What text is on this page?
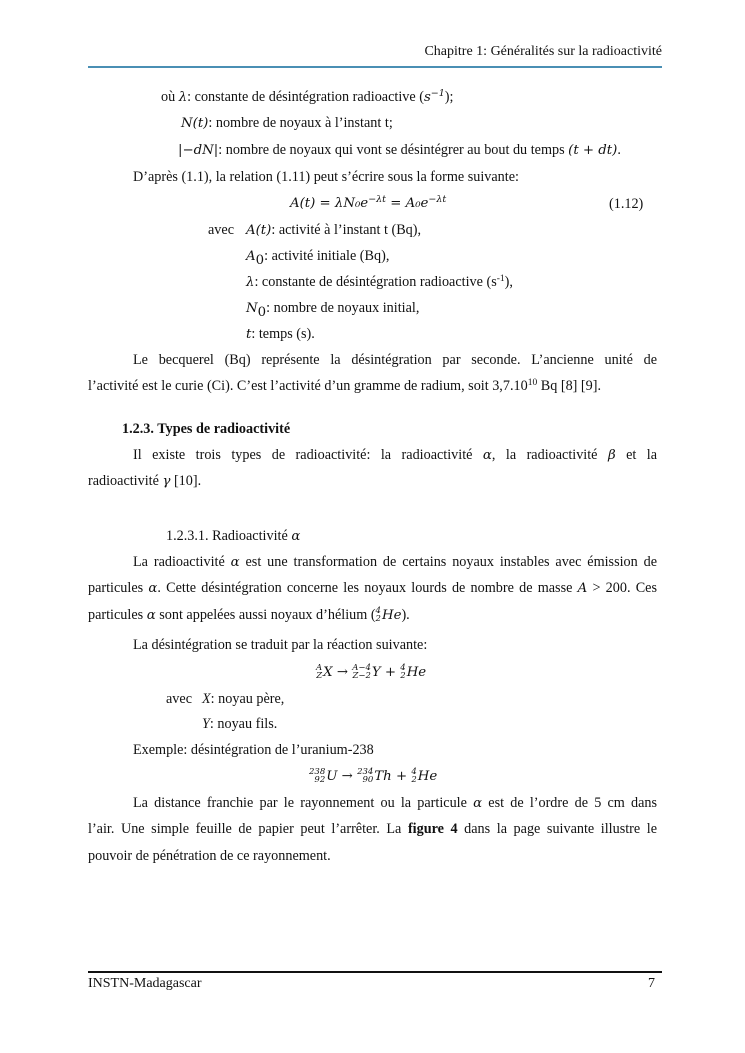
Chapitre 1: Généralités sur la radioactivité
où λ: constante de désintégration radioactive $(s^{-1})$;
N(t): nombre de noyaux à l’instant t;
|−dN|: nombre de noyaux qui vont se désintégrer au bout du temps (t + dt).
D’après (1.1), la relation (1.11) peut s’écrire sous la forme suivante:
$A(t) = \lambda N_0e^{-\lambda t} = A_0e^{-\lambda t}$	(1.12)
avec A(t): activité à l’instant t (Bq),
$A_0$: activité initiale (Bq),
λ: constante de désintégration radioactive $(s^{-1})$,
$N_0$: nombre de noyaux initial,
t: temps (s).
Le becquerel (Bq) représente la désintégration par seconde. L’ancienne unité de
l’activité est le curie (Ci). C’est l’activité d’un gramme de radium, soit 3,7.10$^{10}$ Bq [8] [9].
1.2.3. Types de radioactivité
Il existe trois types de radioactivité: la radioactivité α, la radioactivité β et la
radioactivité γ [10].
1.2.3.1. Radioactivité α
La radioactivité α est une transformation de certains noyaux instables avec émission de
particules α. Cette désintégration concerne les noyaux lourds de nombre de masse A > 200. Ces
particules α sont appelées aussi noyaux d’hélium ( 4
2 He).
La désintégration se traduit par la réaction suivante:
A
Z X → A−4
Z−2 Y + 4
2 He
avec X: noyau père,
Y: noyau fils.
Exemple: désintégration de l’uranium-238
238
92 U → 234
90 Th + 4
2 He
La distance franchie par le rayonnement ou la particule α est de l’ordre de 5 cm dans
l’air. Une simple feuille de papier peut l’arrêter. La figure 4 dans la page suivante illustre le
pouvoir de pénétration de ce rayonnement.
INSTN-Madagascar	7
